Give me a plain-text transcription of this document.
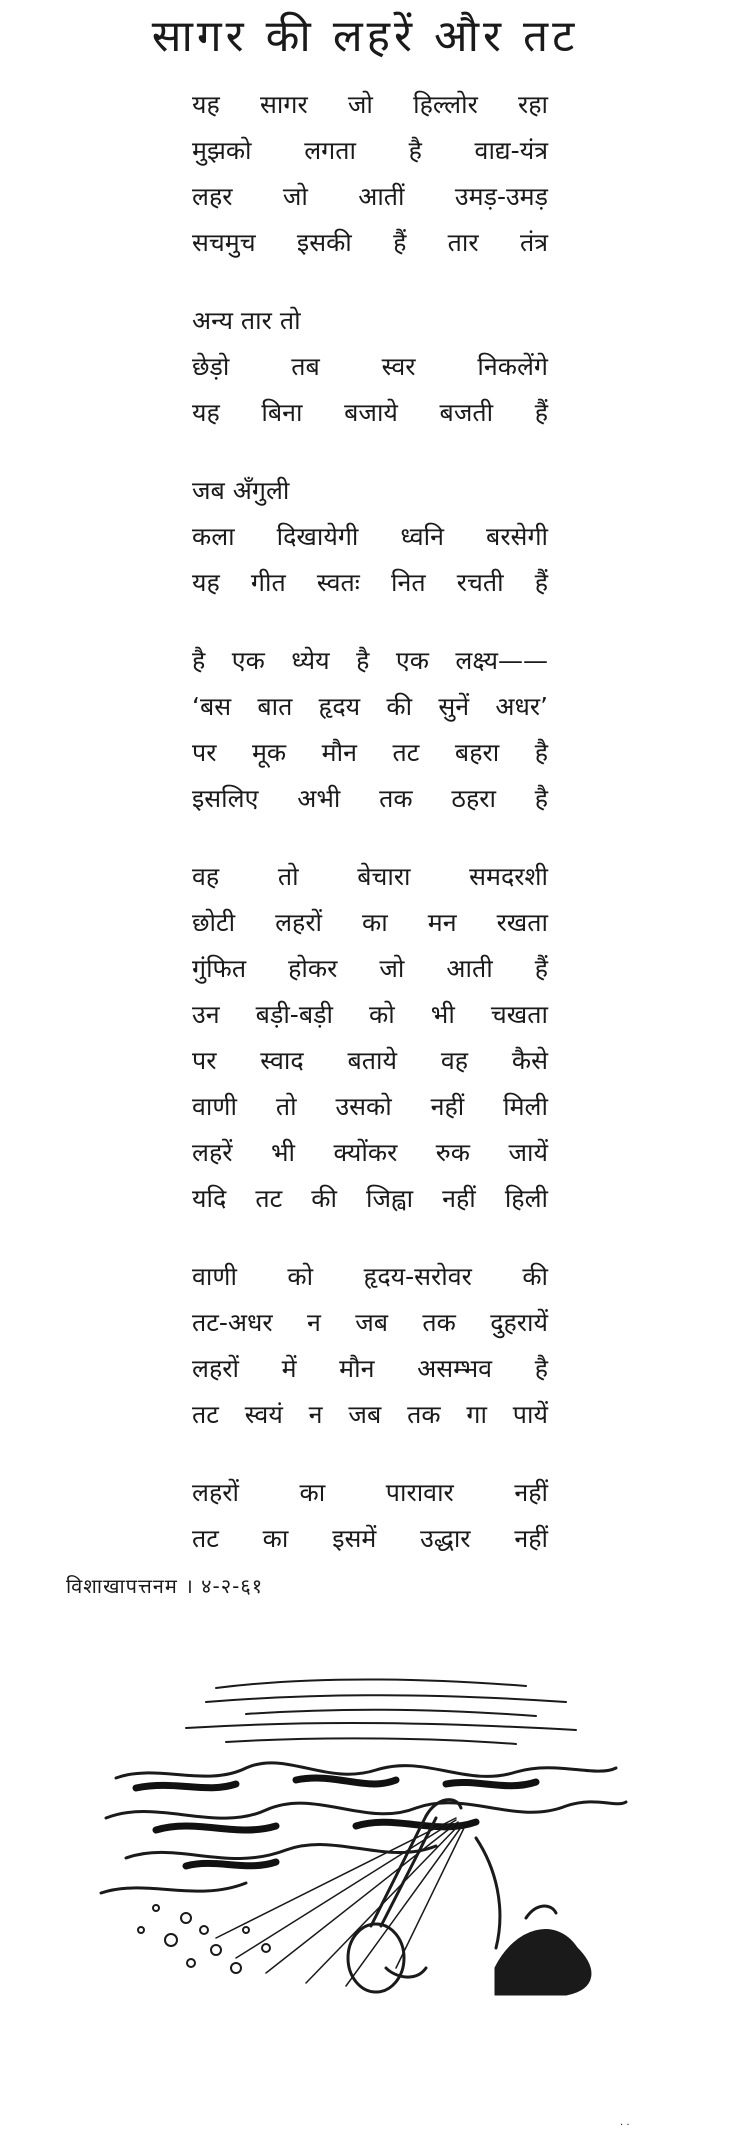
सागर की लहरें और तट
यह सागर जो हिल्लोर रहा
मुझको लगता है वाद्य-यंत्र
लहर जो आतीं उमड़-उमड़
सचमुच इसकी हैं तार तंत्र
अन्य तार तो
छेड़ो तब स्वर निकलेंगे
यह बिना बजाये बजती हैं
जब अँगुली
कला दिखायेगी ध्वनि बरसेगी
यह गीत स्वतः नित रचती हैं
है एक ध्येय है एक लक्ष्य——
‘बस बात हृदय की सुनें अधर’
पर मूक मौन तट बहरा है
इसलिए अभी तक ठहरा है
वह तो बेचारा समदरशी
छोटी लहरों का मन रखता
गुंफित होकर जो आती हैं
उन बड़ी-बड़ी को भी चखता
पर स्वाद बताये वह कैसे
वाणी तो उसको नहीं मिली
लहरें भी क्योंकर रुक जायें
यदि तट की जिह्वा नहीं हिली
वाणी को हृदय-सरोवर की
तट-अधर न जब तक दुहरायें
लहरों में मौन असम्भव है
तट स्वयं न जब तक गा पायें
लहरों का पारावार नहीं
तट का इसमें उद्धार नहीं
विशाखापत्तनम । ४-२-६१
· ·
